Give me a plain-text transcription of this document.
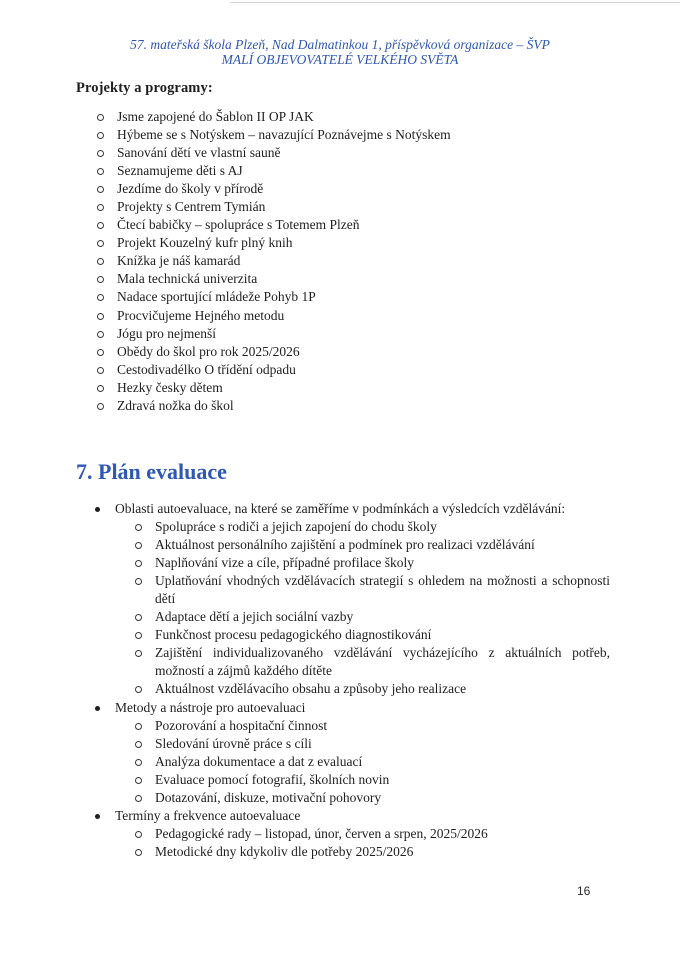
57. mateřská škola Plzeň, Nad Dalmatinkou 1, příspěvková organizace – ŠVP
MALÍ OBJEVOVATELÉ VELKÉHO SVĚTA
Projekty a programy:
Jsme zapojené do Šablon II OP JAK
Hýbeme se s Notýskem – navazující Poznávejme s Notýskem
Sanování dětí ve vlastní sauně
Seznamujeme děti s AJ
Jezdíme do školy v přírodě
Projekty s Centrem Tymián
Čtecí babičky – spolupráce s Totemem Plzeň
Projekt Kouzelný kufr plný knih
Knížka je náš kamarád
Mala technická univerzita
Nadace sportující mládeže Pohyb 1P
Procvičujeme Hejného metodu
Jógu pro nejmenší
Obědy do škol pro rok 2025/2026
Cestodivadélko O třídění odpadu
Hezky česky dětem
Zdravá nožka do škol
7. Plán evaluace
Oblasti autoevaluace, na které se zaměříme v podmínkách a výsledcích vzdělávání:
Spolupráce s rodiči a jejich zapojení do chodu školy
Aktuálnost personálního zajištění a podmínek pro realizaci vzdělávání
Naplňování vize a cíle, případné profilace školy
Uplatňování vhodných vzdělávacích strategií s ohledem na možnosti a schopnosti dětí
Adaptace dětí a jejich sociální vazby
Funkčnost procesu pedagogického diagnostikování
Zajištění individualizovaného vzdělávání vycházejícího z aktuálních potřeb, možností a zájmů každého dítěte
Aktuálnost vzdělávacího obsahu a způsoby jeho realizace
Metody a nástroje pro autoevaluaci
Pozorování a hospitační činnost
Sledování úrovně práce s cíli
Analýza dokumentace a dat z evaluací
Evaluace pomocí fotografií, školních novin
Dotazování, diskuze, motivační pohovory
Termíny a frekvence autoevaluace
Pedagogické rady – listopad, únor, červen a srpen, 2025/2026
Metodické dny kdykoliv dle potřeby 2025/2026
16
